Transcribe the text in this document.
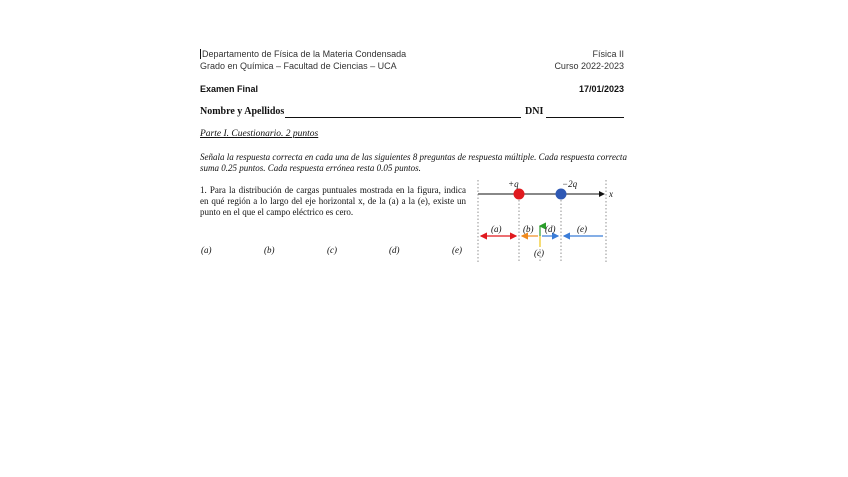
Departamento de Física de la Materia Condensada
Grado en Química – Facultad de Ciencias – UCA
Física II
Curso 2022-2023
Examen Final	17/01/2023
Nombre y Apellidos	DNI
Parte I. Cuestionario. 2 puntos
Señala la respuesta correcta en cada una de las siguientes 8 preguntas de respuesta múltiple. Cada respuesta correcta suma 0.25 puntos. Cada respuesta errónea resta 0.05 puntos.
1. Para la distribución de cargas puntuales mostrada en la figura, indica en qué región a lo largo del eje horizontal x, de la (a) a la (e), existe un punto en el que el campo eléctrico es cero.
(a)	(b)	(c)	(d)	(e)
+q	−2q
x
(a) (b) (d) (e)
(c)
